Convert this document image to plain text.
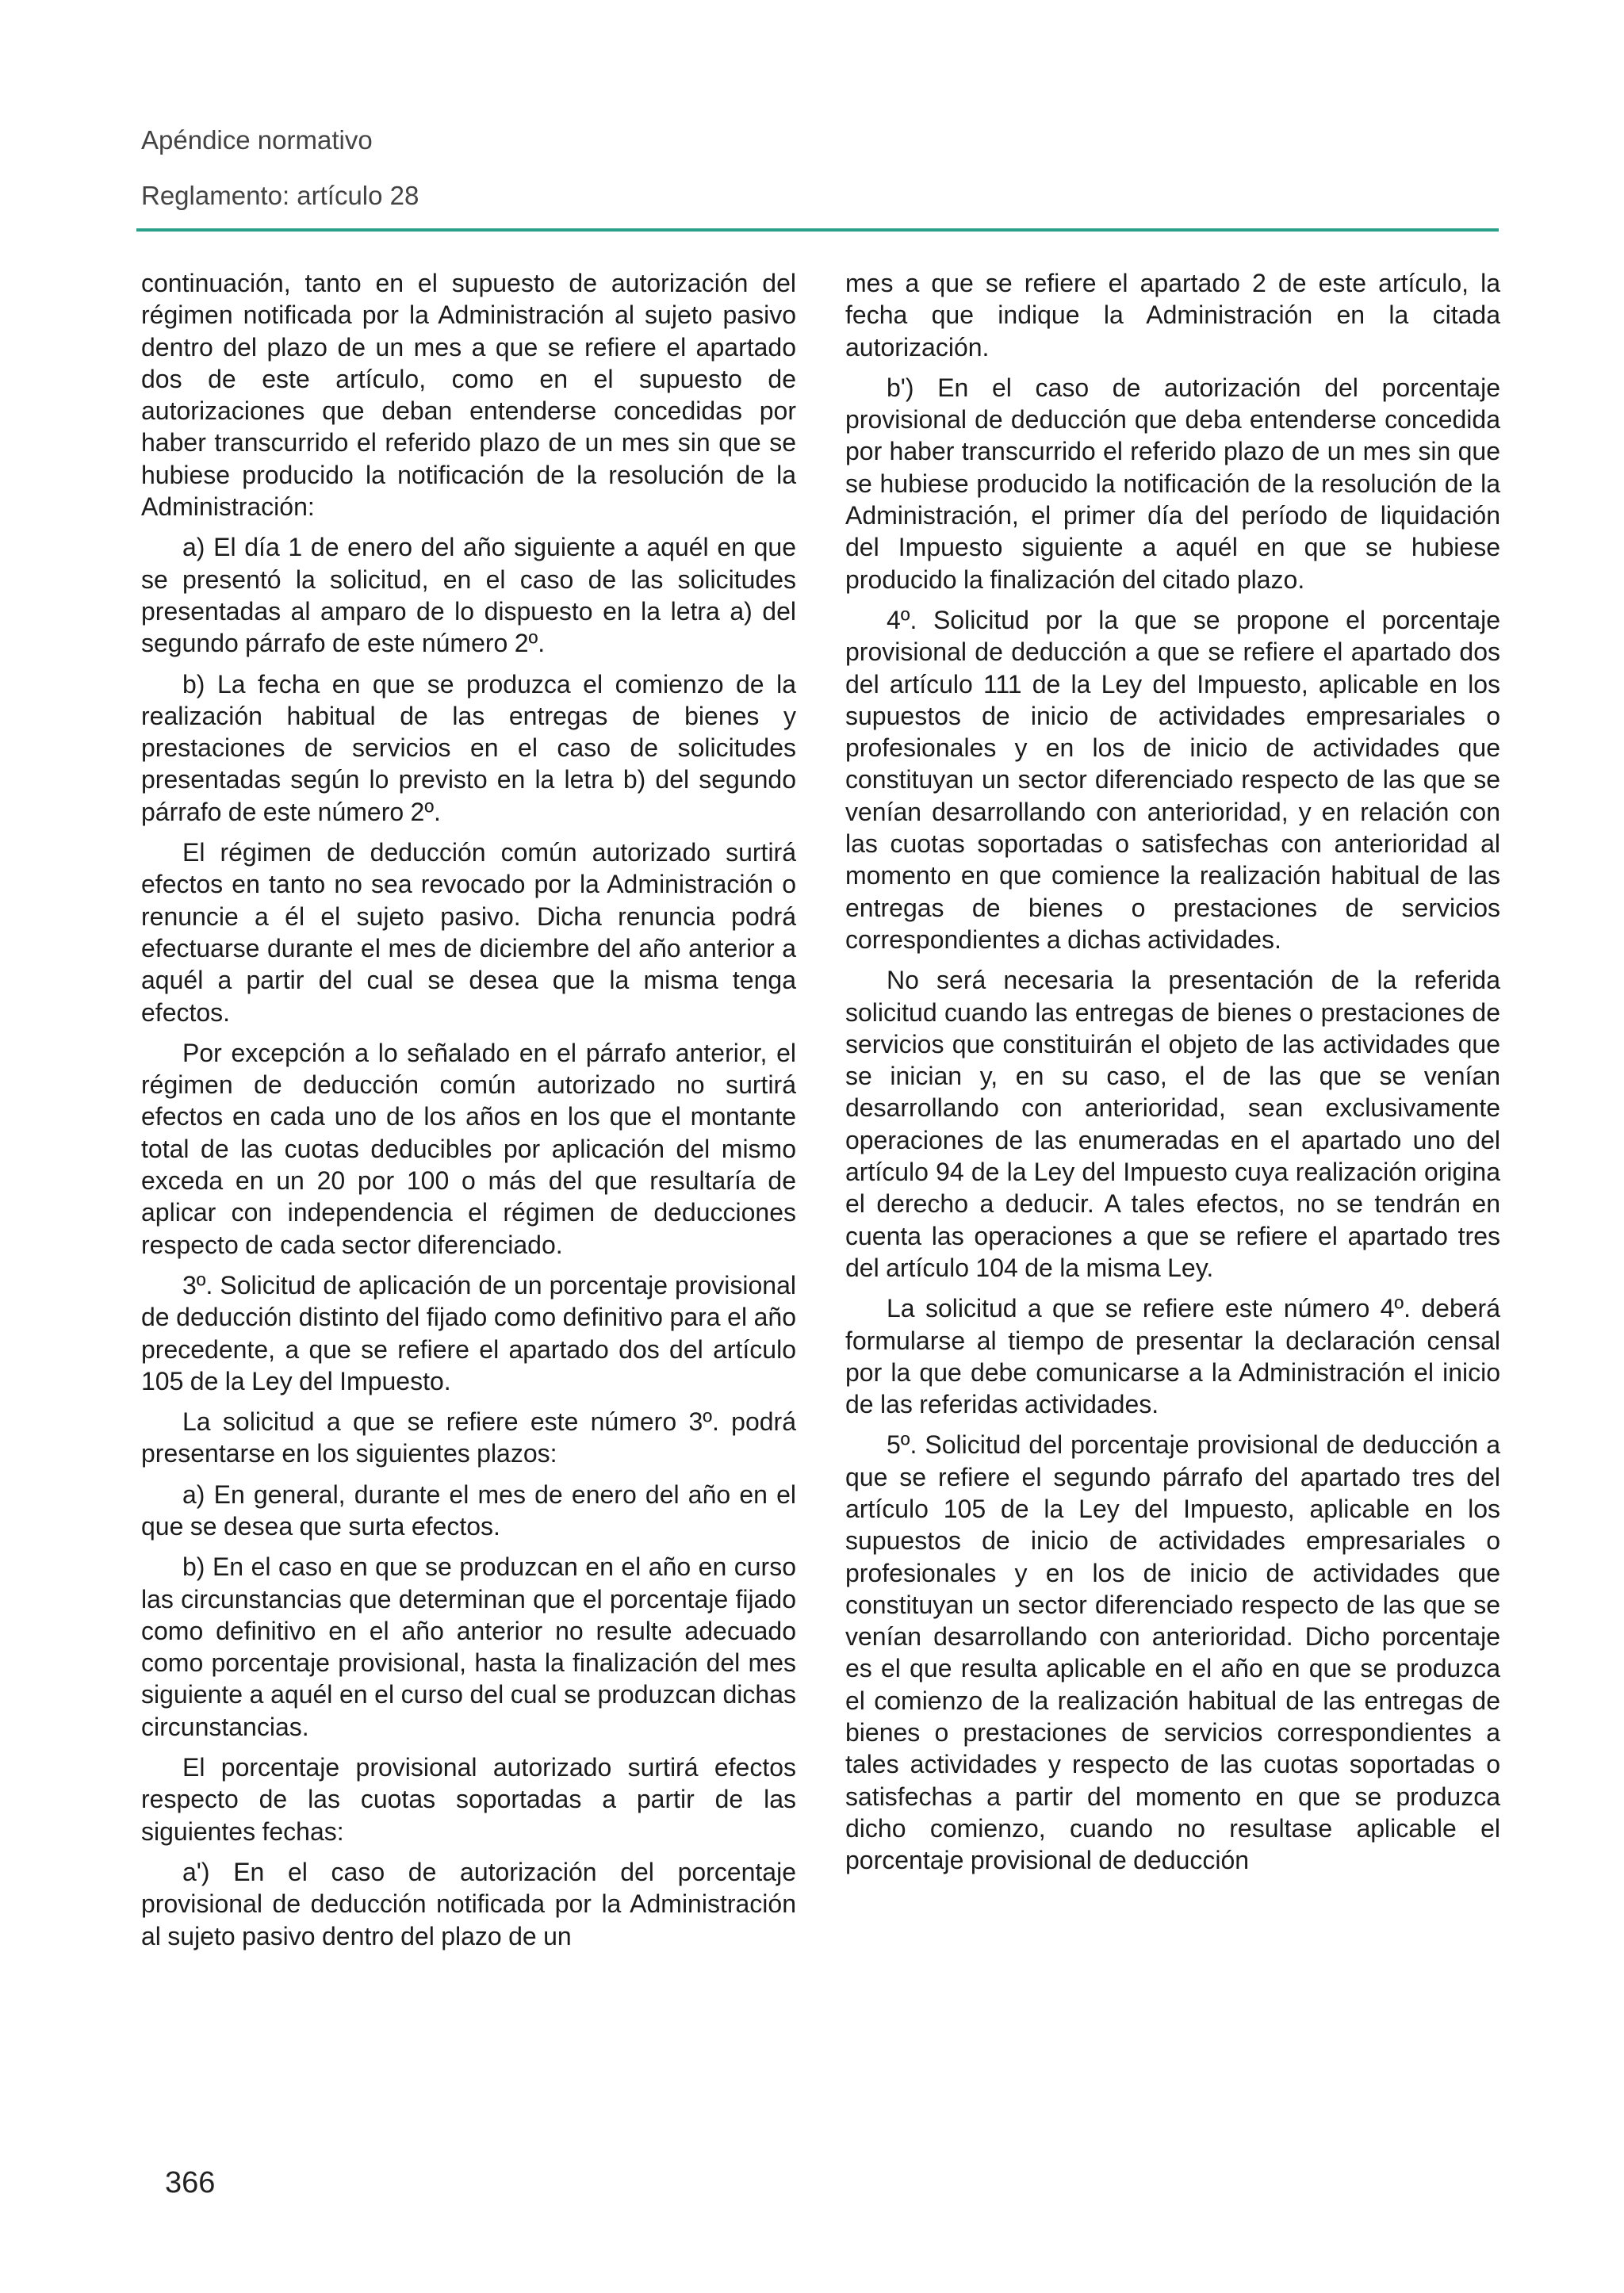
Apéndice normativo
Reglamento: artículo 28

continuación, tanto en el supuesto de autorización del régimen notificada por la Administración al sujeto pasivo dentro del plazo de un mes a que se refiere el apartado dos de este artículo, como en el supuesto de autorizaciones que deban entenderse concedidas por haber transcurrido el referido plazo de un mes sin que se hubiese producido la notificación de la resolución de la Administración:

a) El día 1 de enero del año siguiente a aquél en que se presentó la solicitud, en el caso de las solicitudes presentadas al amparo de lo dispuesto en la letra a) del segundo párrafo de este número 2º.

b) La fecha en que se produzca el comienzo de la realización habitual de las entregas de bienes y prestaciones de servicios en el caso de solicitudes presentadas según lo previsto en la letra b) del segundo párrafo de este número 2º.

El régimen de deducción común autorizado surtirá efectos en tanto no sea revocado por la Administración o renuncie a él el sujeto pasivo. Dicha renuncia podrá efectuarse durante el mes de diciembre del año anterior a aquél a partir del cual se desea que la misma tenga efectos.

Por excepción a lo señalado en el párrafo anterior, el régimen de deducción común autorizado no surtirá efectos en cada uno de los años en los que el montante total de las cuotas deducibles por aplicación del mismo exceda en un 20 por 100 o más del que resultaría de aplicar con independencia el régimen de deducciones respecto de cada sector diferenciado.

3º. Solicitud de aplicación de un porcentaje provisional de deducción distinto del fijado como definitivo para el año precedente, a que se refiere el apartado dos del artículo 105 de la Ley del Impuesto.

La solicitud a que se refiere este número 3º. podrá presentarse en los siguientes plazos:

a) En general, durante el mes de enero del año en el que se desea que surta efectos.

b) En el caso en que se produzcan en el año en curso las circunstancias que determinan que el porcentaje fijado como definitivo en el año anterior no resulte adecuado como porcentaje provisional, hasta la finalización del mes siguiente a aquél en el curso del cual se produzcan dichas circunstancias.

El porcentaje provisional autorizado surtirá efectos respecto de las cuotas soportadas a partir de las siguientes fechas:

a') En el caso de autorización del porcentaje provisional de deducción notificada por la Administración al sujeto pasivo dentro del plazo de un

mes a que se refiere el apartado 2 de este artículo, la fecha que indique la Administración en la citada autorización.

b') En el caso de autorización del porcentaje provisional de deducción que deba entenderse concedida por haber transcurrido el referido plazo de un mes sin que se hubiese producido la notificación de la resolución de la Administración, el primer día del período de liquidación del Impuesto siguiente a aquél en que se hubiese producido la finalización del citado plazo.

4º. Solicitud por la que se propone el porcentaje provisional de deducción a que se refiere el apartado dos del artículo 111 de la Ley del Impuesto, aplicable en los supuestos de inicio de actividades empresariales o profesionales y en los de inicio de actividades que constituyan un sector diferenciado respecto de las que se venían desarrollando con anterioridad, y en relación con las cuotas soportadas o satisfechas con anterioridad al momento en que comience la realización habitual de las entregas de bienes o prestaciones de servicios correspondientes a dichas actividades.

No será necesaria la presentación de la referida solicitud cuando las entregas de bienes o prestaciones de servicios que constituirán el objeto de las actividades que se inician y, en su caso, el de las que se venían desarrollando con anterioridad, sean exclusivamente operaciones de las enumeradas en el apartado uno del artículo 94 de la Ley del Impuesto cuya realización origina el derecho a deducir. A tales efectos, no se tendrán en cuenta las operaciones a que se refiere el apartado tres del artículo 104 de la misma Ley.

La solicitud a que se refiere este número 4º. deberá formularse al tiempo de presentar la declaración censal por la que debe comunicarse a la Administración el inicio de las referidas actividades.

5º. Solicitud del porcentaje provisional de deducción a que se refiere el segundo párrafo del apartado tres del artículo 105 de la Ley del Impuesto, aplicable en los supuestos de inicio de actividades empresariales o profesionales y en los de inicio de actividades que constituyan un sector diferenciado respecto de las que se venían desarrollando con anterioridad. Dicho porcentaje es el que resulta aplicable en el año en que se produzca el comienzo de la realización habitual de las entregas de bienes o prestaciones de servicios correspondientes a tales actividades y respecto de las cuotas soportadas o satisfechas a partir del momento en que se produzca dicho comienzo, cuando no resultase aplicable el porcentaje provisional de deducción

366
